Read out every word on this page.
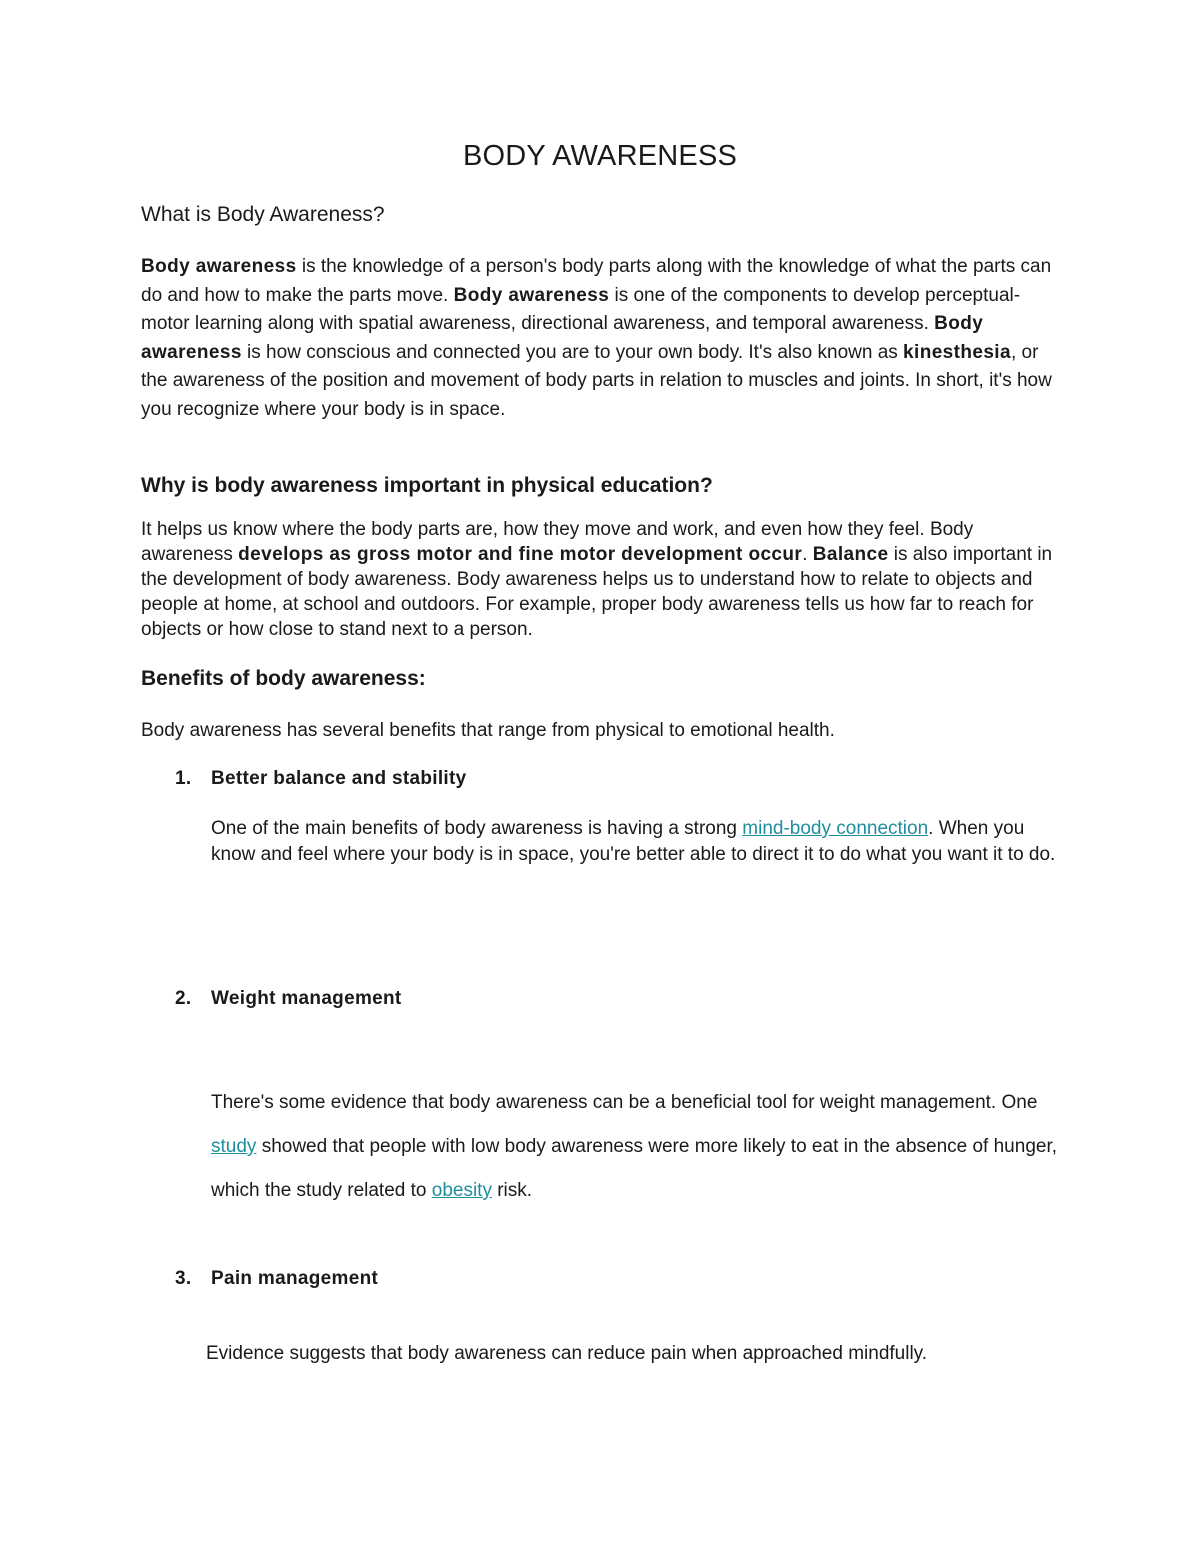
BODY AWARENESS
What is Body Awareness?

Body awareness is the knowledge of a person's body parts along with the knowledge of what the parts can do and how to make the parts move. Body awareness is one of the components to develop perceptual-motor learning along with spatial awareness, directional awareness, and temporal awareness. Body awareness is how conscious and connected you are to your own body. It's also known as kinesthesia, or the awareness of the position and movement of body parts in relation to muscles and joints. In short, it's how you recognize where your body is in space.

Why is body awareness important in physical education?

It helps us know where the body parts are, how they move and work, and even how they feel. Body awareness develops as gross motor and fine motor development occur. Balance is also important in the development of body awareness. Body awareness helps us to understand how to relate to objects and people at home, at school and outdoors. For example, proper body awareness tells us how far to reach for objects or how close to stand next to a person.

Benefits of body awareness:

Body awareness has several benefits that range from physical to emotional health.

1. Better balance and stability

One of the main benefits of body awareness is having a strong mind-body connection. When you know and feel where your body is in space, you're better able to direct it to do what you want it to do.

2. Weight management

There's some evidence that body awareness can be a beneficial tool for weight management. One study showed that people with low body awareness were more likely to eat in the absence of hunger, which the study related to obesity risk.

3. Pain management

Evidence suggests that body awareness can reduce pain when approached mindfully.
